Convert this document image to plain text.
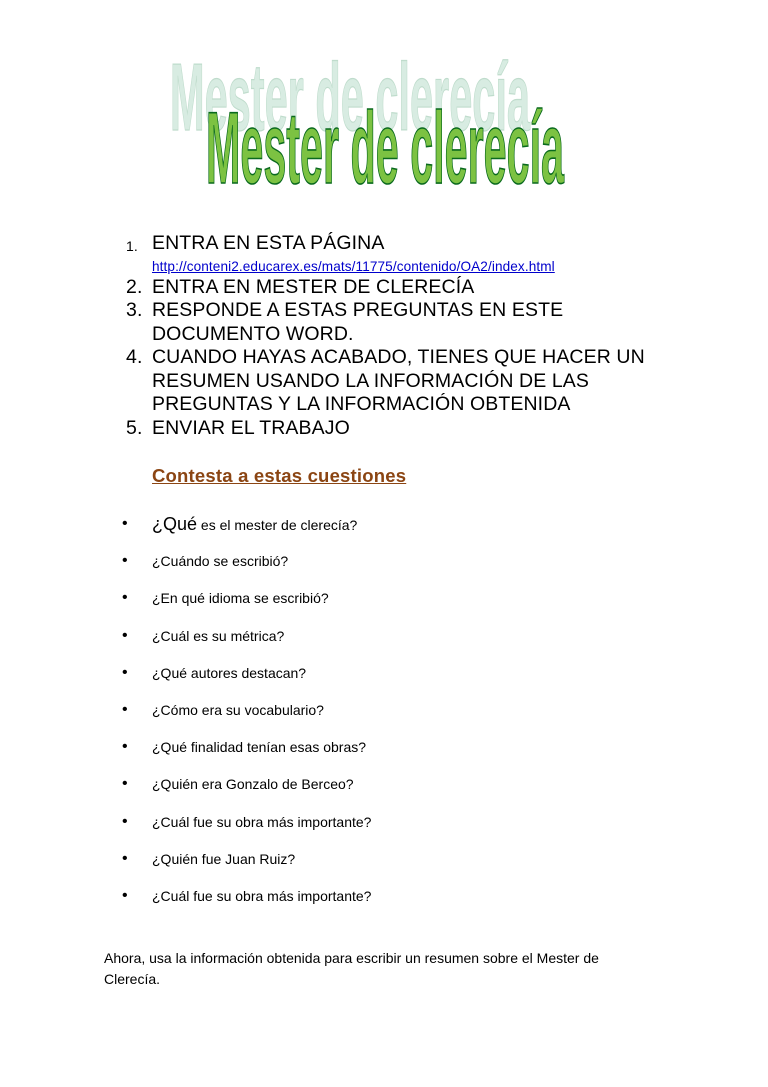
Mester de clerecía
Mester de clerecía
1. ENTRA EN ESTA PÁGINA
http://conteni2.educarex.es/mats/11775/contenido/OA2/index.html
2. ENTRA EN MESTER DE CLERECÍA
3. RESPONDE A ESTAS PREGUNTAS EN ESTE DOCUMENTO WORD.
4. CUANDO HAYAS ACABADO, TIENES QUE HACER UN RESUMEN USANDO LA INFORMACIÓN DE LAS PREGUNTAS Y LA INFORMACIÓN OBTENIDA
5. ENVIAR EL TRABAJO
Contesta a estas cuestiones
• ¿Qué es el mester de clerecía?
• ¿Cuándo se escribió?
• ¿En qué idioma se escribió?
• ¿Cuál es su métrica?
• ¿Qué autores destacan?
• ¿Cómo era su vocabulario?
• ¿Qué finalidad tenían esas obras?
• ¿Quién era Gonzalo de Berceo?
• ¿Cuál fue su obra más importante?
• ¿Quién fue Juan Ruiz?
• ¿Cuál fue su obra más importante?

Ahora, usa la información obtenida para escribir un resumen sobre el Mester de Clerecía.
